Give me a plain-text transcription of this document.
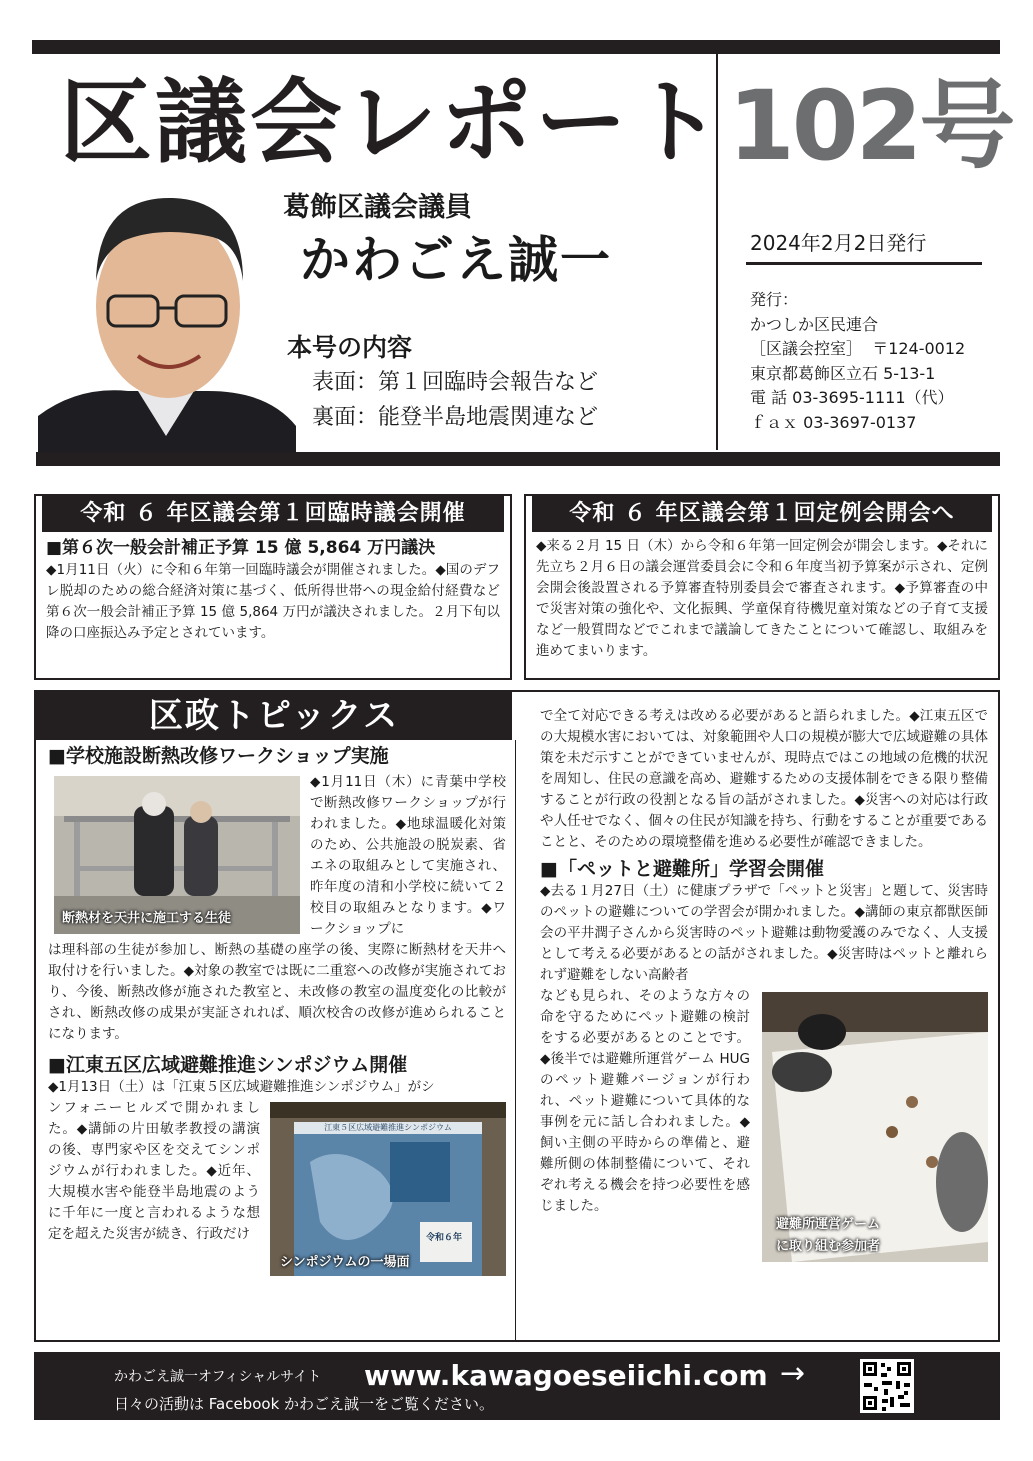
区議会レポート 102号
葛飾区議会議員
かわごえ誠一
本号の内容
表面：第１回臨時会報告など
裏面：能登半島地震関連など
2024年2月2日発行
発行：
かつしか区民連合
［区議会控室］ 〒124-0012
東京都葛飾区立石 5-13-1
電 話 03-3695-1111（代）
ｆａｘ 03-3697-0137
令和 ６ 年区議会第１回臨時議会開催
■第６次一般会計補正予算 15 億 5,864 万円議決

◆1月11日（火）に令和６年第一回臨時議会が開催されました。◆国のデフレ脱却のための総合経済対策に基づく、低所得世帯への現金給付経費など第６次一般会計補正予算 15 億 5,864 万円が議決されました。２月下旬以降の口座振込み予定とされています。

令和 ６ 年区議会第１回定例会開会へ

◆来る２月 15 日（木）から令和６年第一回定例会が開会します。◆それに先立ち２月６日の議会運営委員会に令和６年度当初予算案が示され、定例会開会後設置される予算審査特別委員会で審査されます。◆予算審査の中で災害対策の強化や、文化振興、学童保育待機児童対策などの子育て支援など一般質問などでこれまで議論してきたことについて確認し、取組みを進めてまいります。

区政トピックス
■学校施設断熱改修ワークショップ実施
断熱材を天井に施工する生徒

◆1月11日（木）に青葉中学校で断熱改修ワークショップが行われました。◆地球温暖化対策のため、公共施設の脱炭素、省エネの取組みとして実施され、昨年度の清和小学校に続いて２校目の取組みとなります。◆ワークショップに

は理科部の生徒が参加し、断熱の基礎の座学の後、実際に断熱材を天井へ取付けを行いました。◆対象の教室では既に二重窓への改修が実施されており、今後、断熱改修が施された教室と、未改修の教室の温度変化の比較がされ、断熱改修の成果が実証されれば、順次校舎の改修が進められることになります。

■江東五区広域避難推進シンポジウム開催

◆1月13日（土）は「江東５区広域避難推進シンポジウム」がシ

江東５区広域避難推進シンポジウム
令和６年
シンポジウムの一場面

ンフォニーヒルズで開かれました。◆講師の片田敏孝教授の講演の後、専門家や区を交えてシンポジウムが行われました。◆近年、大規模水害や能登半島地震のように千年に一度と言われるような想定を超えた災害が続き、行政だけ

で全て対応できる考えは改める必要があると語られました。◆江東五区での大規模水害においては、対象範囲や人口の規模が膨大で広域避難の具体策を未だ示すことができていませんが、現時点ではこの地域の危機的状況を周知し、住民の意識を高め、避難するための支援体制をできる限り整備することが行政の役割となる旨の話がされました。◆災害への対応は行政や人任せでなく、個々の住民が知識を持ち、行動をすることが重要であることと、そのための環境整備を進める必要性が確認できました。

■「ペットと避難所」学習会開催

◆去る１月27日（土）に健康プラザで「ペットと災害」と題して、災害時のペットの避難についての学習会が開かれました。◆講師の東京都獣医師会の平井潤子さんから災害時のペット避難は動物愛護のみでなく、人支援として考える必要があるとの話がされました。◆災害時はペットと離れられず避難をしない高齢者

避難所運営ゲーム
に取り組む参加者

なども見られ、そのような方々の命を守るためにペット避難の検討をする必要があるとのことです。◆後半では避難所運営ゲーム HUG のペット避難バージョンが行われ、ペット避難について具体的な事例を元に話し合われました。◆飼い主側の平時からの準備と、避難所側の体制整備について、それぞれ考える機会を持つ必要性を感じました。

かわごえ誠一オフィシャルサイト www.kawagoeseiichi.com →
日々の活動は Facebook かわごえ誠一をご覧ください。
